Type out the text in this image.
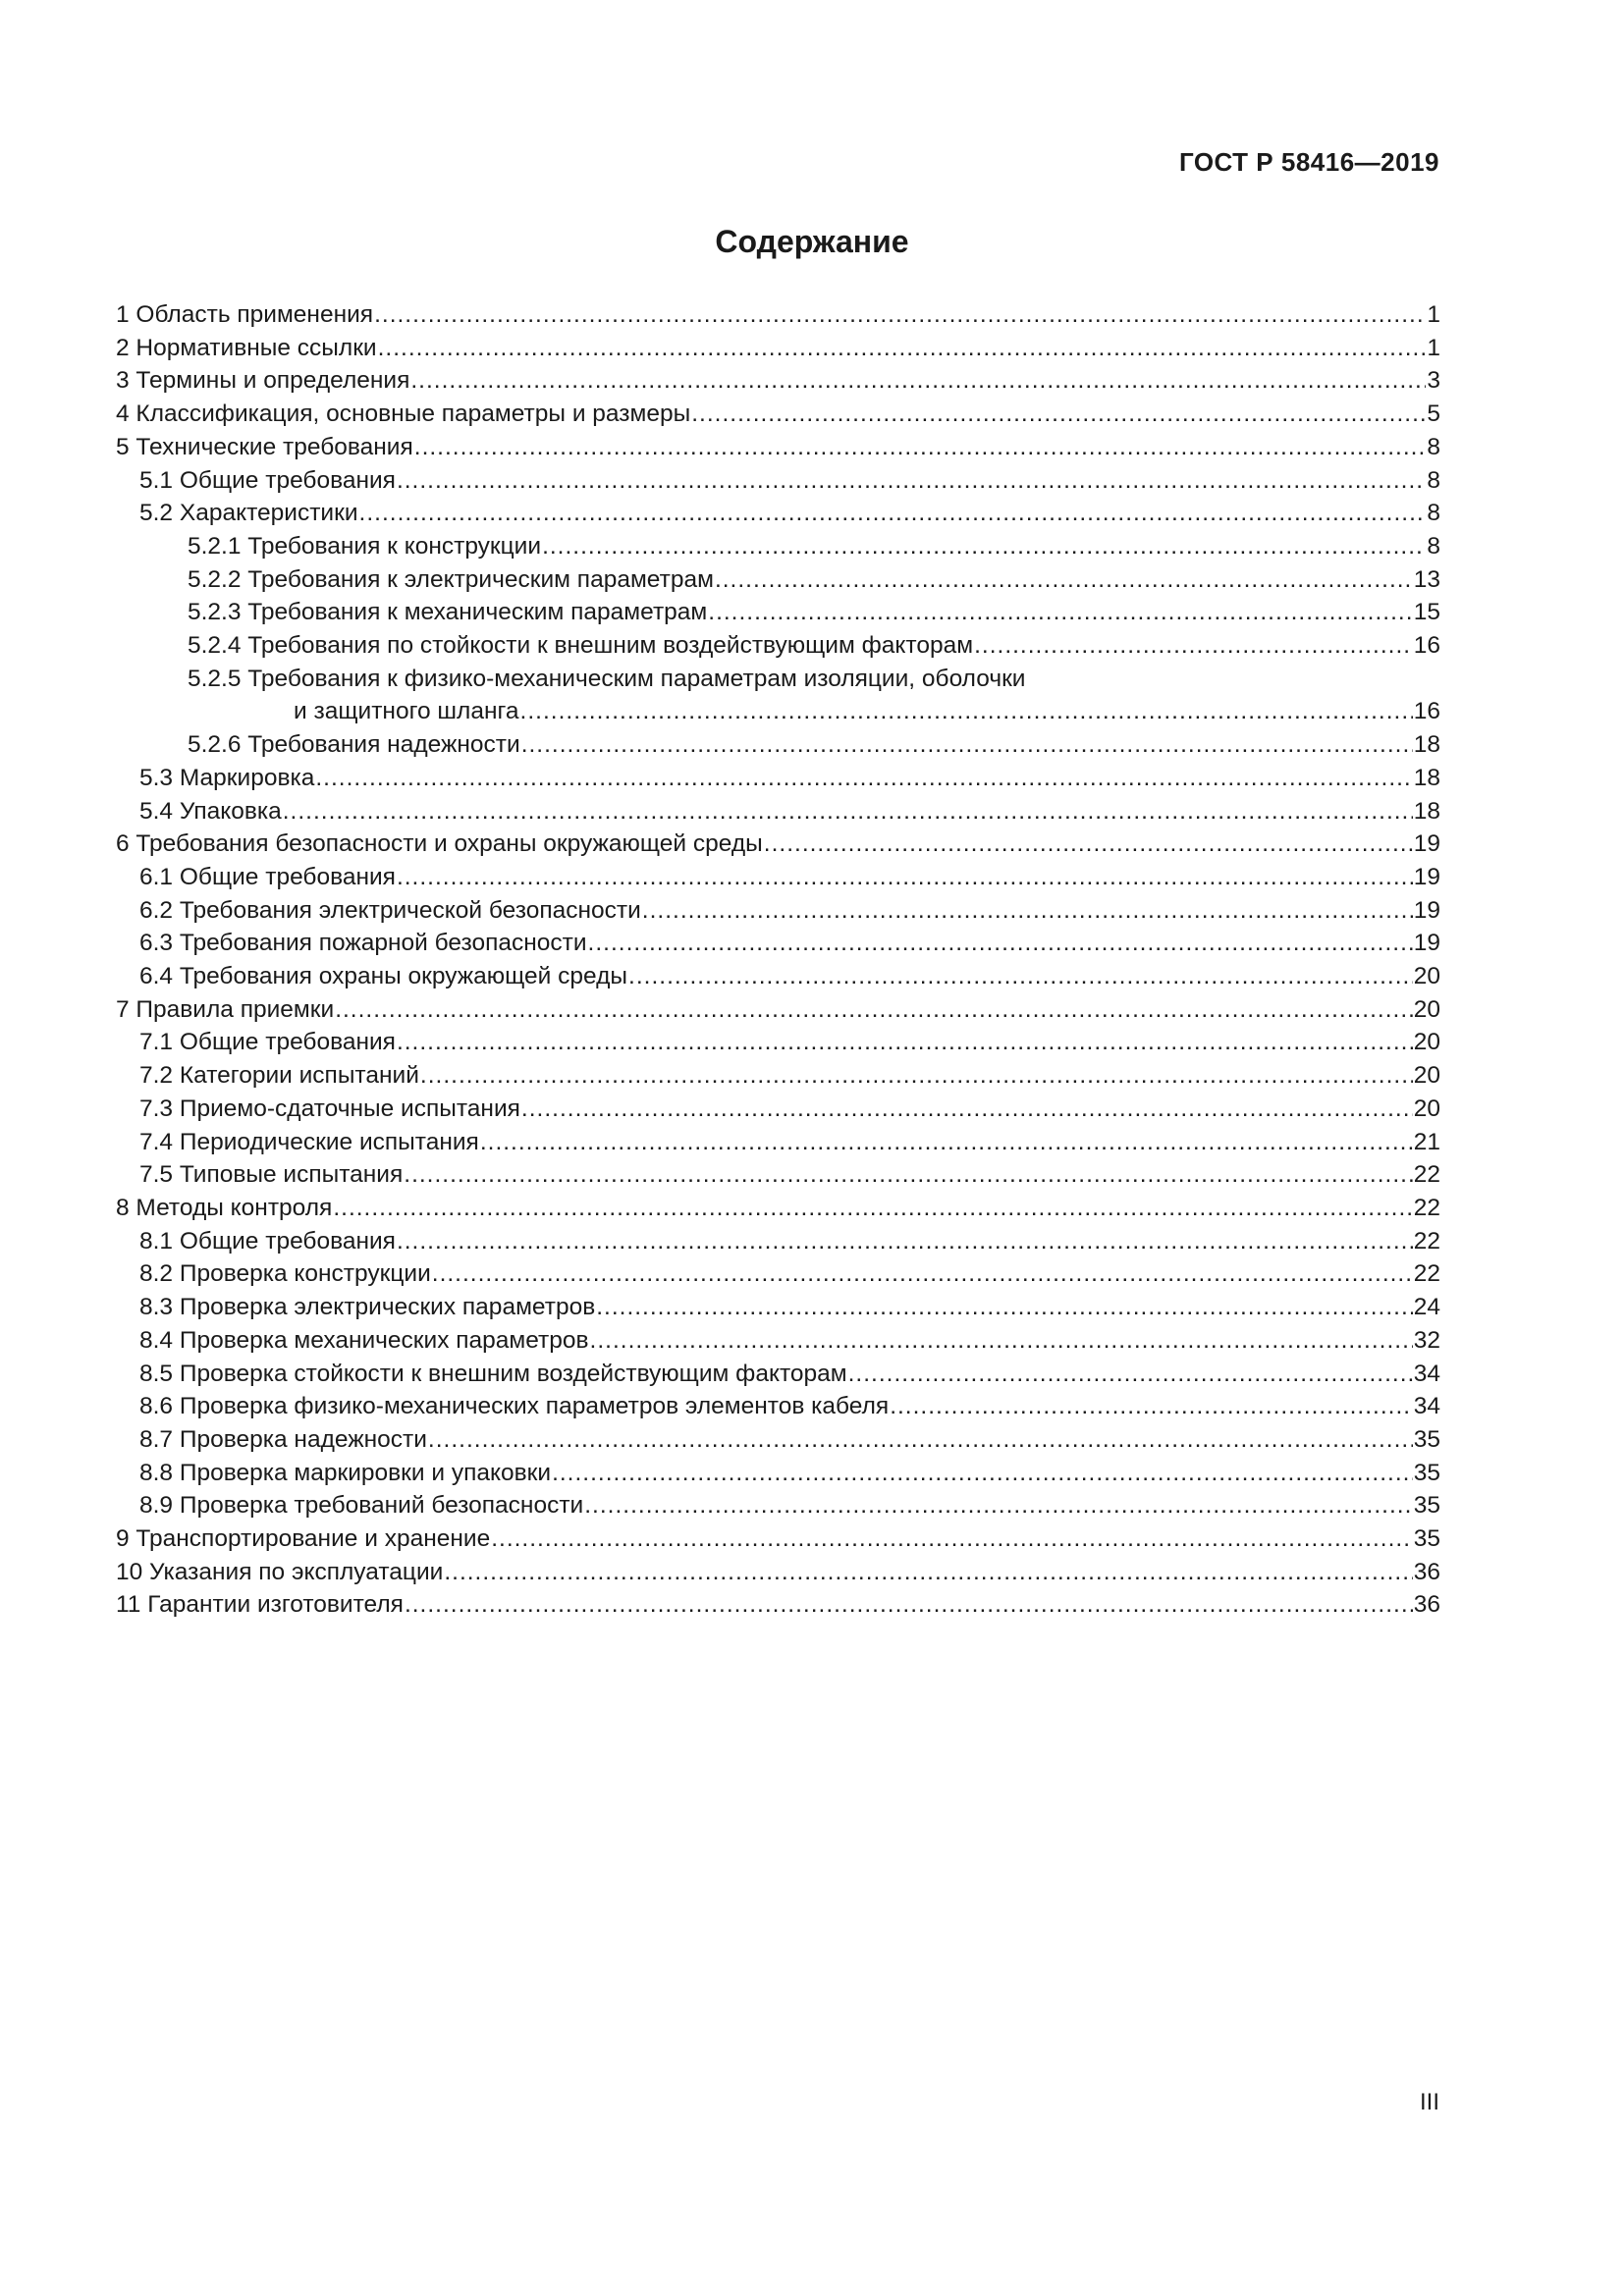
ГОСТ Р 58416—2019
Содержание
1 Область применения .....	1
2 Нормативные ссылки .....	1
3 Термины и определения .....	3
4 Классификация, основные параметры и размеры .....	5
5 Технические требования .....	8
5.1 Общие требования .....	8
5.2 Характеристики .....	8
5.2.1 Требования к конструкции .....	8
5.2.2 Требования к электрическим параметрам .....	13
5.2.3 Требования к механическим параметрам .....	15
5.2.4 Требования по стойкости к внешним воздействующим факторам .....	16
5.2.5 Требования к физико-механическим параметрам изоляции, оболочки
и защитного шланга .....	16
5.2.6 Требования надежности .....	18
5.3 Маркировка .....	18
5.4 Упаковка .....	18
6 Требования безопасности и охраны окружающей среды .....	19
6.1 Общие требования .....	19
6.2 Требования электрической безопасности .....	19
6.3 Требования пожарной безопасности .....	19
6.4 Требования охраны окружающей среды .....	20
7 Правила приемки .....	20
7.1 Общие требования .....	20
7.2 Категории испытаний .....	20
7.3 Приемо-сдаточные испытания .....	20
7.4 Периодические испытания .....	21
7.5 Типовые испытания .....	22
8 Методы контроля .....	22
8.1 Общие требования .....	22
8.2 Проверка конструкции .....	22
8.3 Проверка электрических параметров .....	24
8.4 Проверка механических параметров .....	32
8.5 Проверка стойкости к внешним воздействующим факторам .....	34
8.6 Проверка физико-механических параметров элементов кабеля .....	34
8.7 Проверка надежности .....	35
8.8 Проверка маркировки и упаковки .....	35
8.9 Проверка требований безопасности .....	35
9 Транспортирование и хранение .....	35
10 Указания по эксплуатации .....	36
11 Гарантии изготовителя .....	36
III
